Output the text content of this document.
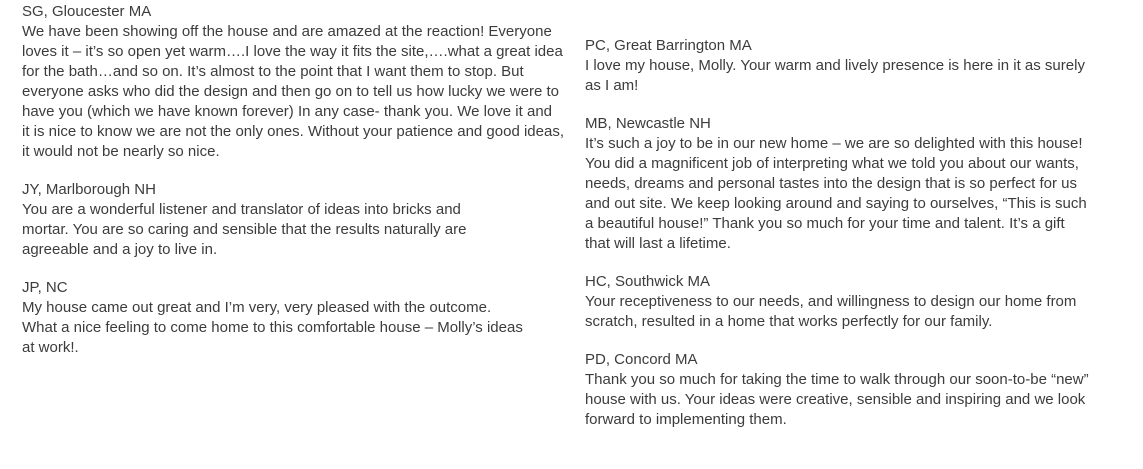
SG, Gloucester MA

We have been showing off the house and are amazed at the reaction! Everyone
loves it – it’s so open yet warm….I love the way it fits the site,….what a great idea
for the bath…and so on. It’s almost to the point that I want them to stop. But
everyone asks who did the design and then go on to tell us how lucky we were to
have you (which we have known forever) In any case- thank you. We love it and
it is nice to know we are not the only ones. Without your patience and good ideas,
it would not be nearly so nice.

JY, Marlborough NH

You are a wonderful listener and translator of ideas into bricks and
mortar. You are so caring and sensible that the results naturally are
agreeable and a joy to live in.

JP, NC

My house came out great and I’m very, very pleased with the outcome.
What a nice feeling to come home to this comfortable house – Molly’s ideas
at work!.

PC, Great Barrington MA

I love my house, Molly. Your warm and lively presence is here in it as surely
as I am!

MB, Newcastle NH

It’s such a joy to be in our new home – we are so delighted with this house!
You did a magnificent job of interpreting what we told you about our wants,
needs, dreams and personal tastes into the design that is so perfect for us
and out site. We keep looking around and saying to ourselves, “This is such
a beautiful house!” Thank you so much for your time and talent. It’s a gift
that will last a lifetime.

HC, Southwick MA

Your receptiveness to our needs, and willingness to design our home from
scratch, resulted in a home that works perfectly for our family.

PD, Concord MA

Thank you so much for taking the time to walk through our soon-to-be “new”
house with us. Your ideas were creative, sensible and inspiring and we look
forward to implementing them.
